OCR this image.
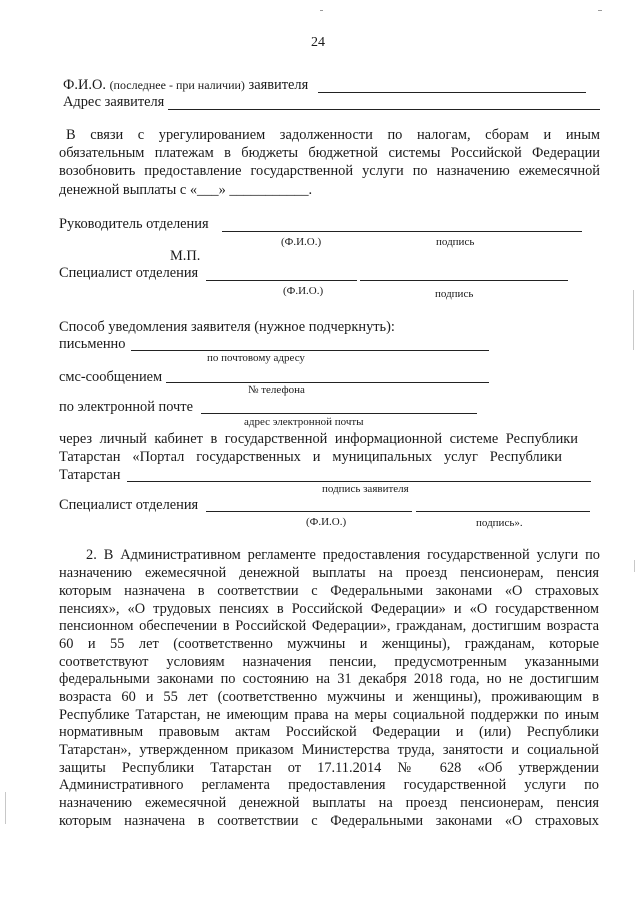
24
Ф.И.О. (последнее - при наличии) заявителя
Адрес заявителя
В связи с урегулированием задолженности по налогам, сборам и иным
обязательным платежам в бюджеты бюджетной системы Российской Федерации
возобновить предоставление государственной услуги по назначению ежемесячной
денежной выплаты с «___» ___________.
Руководитель отделения
(Ф.И.О.)	подпись
М.П.
Специалист отделения
(Ф.И.О.)	подпись
Способ уведомления заявителя (нужное подчеркнуть):
письменно
по почтовому адресу
смс-сообщением
№ телефона
по электронной почте
адрес электронной почты
через личный кабинет в государственной информационной системе Республики
Татарстан «Портал государственных и муниципальных услуг Республики
Татарстан
подпись заявителя
Специалист отделения
(Ф.И.О.)	подпись».
2. В Административном регламенте предоставления государственной услуги по
назначению ежемесячной денежной выплаты на проезд пенсионерам, пенсия
которым назначена в соответствии с Федеральными законами «О страховых
пенсиях», «О трудовых пенсиях в Российской Федерации» и «О государственном
пенсионном обеспечении в Российской Федерации», гражданам, достигшим возраста
60 и 55 лет (соответственно мужчины и женщины), гражданам, которые
соответствуют условиям назначения пенсии, предусмотренным указанными
федеральными законами по состоянию на 31 декабря 2018 года, но не достигшим
возраста 60 и 55 лет (соответственно мужчины и женщины), проживающим в
Республике Татарстан, не имеющим права на меры социальной поддержки по иным
нормативным правовым актам Российской Федерации и (или) Республики
Татарстан», утвержденном приказом Министерства труда, занятости и социальной
защиты Республики Татарстан от 17.11.2014 № 628 «Об утверждении
Административного регламента предоставления государственной услуги по
назначению ежемесячной денежной выплаты на проезд пенсионерам, пенсия
которым назначена в соответствии с Федеральными законами «О страховых
